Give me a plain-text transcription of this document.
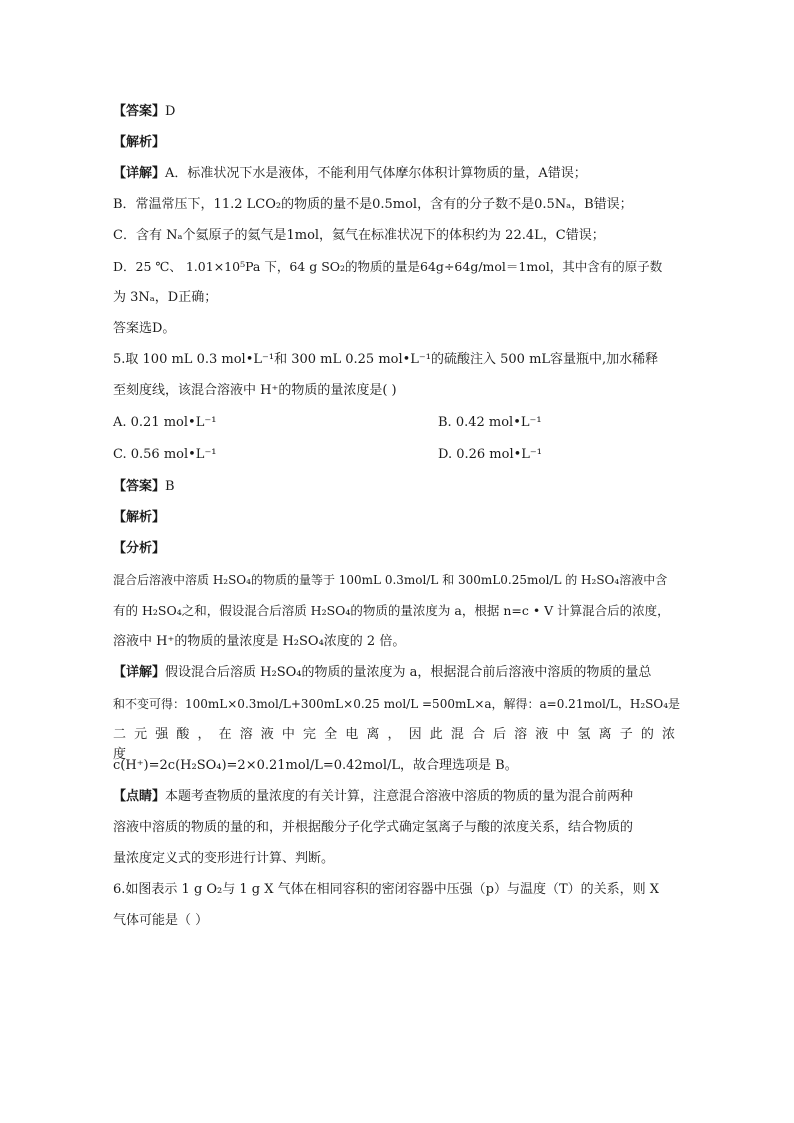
【答案】D
【解析】
【详解】A．标准状况下水是液体，不能利用气体摩尔体积计算物质的量，A错误；
B．常温常压下，11.2 LCO₂的物质的量不是0.5mol，含有的分子数不是0.5Nₐ，B错误；
C．含有 Nₐ个氦原子的氦气是1mol，氦气在标准状况下的体积约为 22.4L，C错误；
D．25 ℃、 1.01×10⁵Pa 下，64 g SO₂的物质的量是64g÷64g/mol＝1mol，其中含有的原子数
为 3Nₐ，D正确；
答案选D。
5.取 100 mL 0.3 mol•L⁻¹和 300 mL 0.25 mol•L⁻¹的硫酸注入 500 mL容量瓶中,加水稀释
至刻度线，该混合溶液中 H⁺的物质的量浓度是( )
A. 0.21 mol•L⁻¹	B. 0.42 mol•L⁻¹
C. 0.56 mol•L⁻¹	D. 0.26 mol•L⁻¹
【答案】B
【解析】
【分析】
混合后溶液中溶质 H₂SO₄的物质的量等于 100mL 0.3mol/L 和 300mL0.25mol/L 的 H₂SO₄溶液中含
有的 H₂SO₄之和，假设混合后溶质 H₂SO₄的物质的量浓度为 a，根据 n=c • V 计算混合后的浓度，
溶液中 H⁺的物质的量浓度是 H₂SO₄浓度的 2 倍。
【详解】假设混合后溶质 H₂SO₄的物质的量浓度为 a，根据混合前后溶液中溶质的物质的量总
和不变可得：100mL×0.3mol/L+300mL×0.25 mol/L =500mL×a，解得：a=0.21mol/L，H₂SO₄是
二元强酸，在溶液中完全电离，因此混合后溶液中氢离子的浓度
c(H⁺)=2c(H₂SO₄)=2×0.21mol/L=0.42mol/L，故合理选项是 B。
【点睛】本题考查物质的量浓度的有关计算，注意混合溶液中溶质的物质的量为混合前两种
溶液中溶质的物质的量的和，并根据酸分子化学式确定氢离子与酸的浓度关系，结合物质的
量浓度定义式的变形进行计算、判断。
6.如图表示 1 g O₂与 1 g X 气体在相同容积的密闭容器中压强（p）与温度（T）的关系，则 X
气体可能是（ ）
